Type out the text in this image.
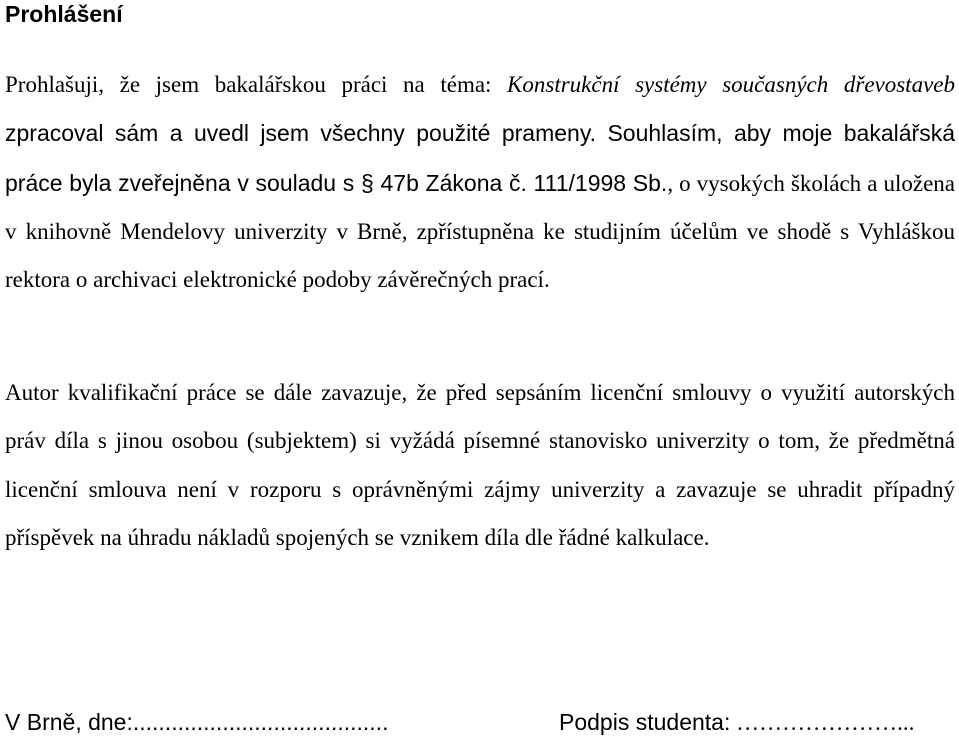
Prohlášení

Prohlašuji, že jsem bakalářskou práci na téma: Konstrukční systémy současných dřevostaveb zpracoval sám a uvedl jsem všechny použité prameny. Souhlasím, aby moje bakalářská práce byla zveřejněna v souladu s § 47b Zákona č. 111/1998 Sb., o vysokých školách a uložena v knihovně Mendelovy univerzity v Brně, zpřístupněna ke studijním účelům ve shodě s Vyhláškou rektora o archivaci elektronické podoby závěrečných prací.

Autor kvalifikační práce se dále zavazuje, že před sepsáním licenční smlouvy o využití autorských práv díla s jinou osobou (subjektem) si vyžádá písemné stanovisko univerzity o tom, že předmětná licenční smlouva není v rozporu s oprávněnými zájmy univerzity a zavazuje se uhradit případný příspěvek na úhradu nákladů spojených se vznikem díla dle řádné kalkulace.

V Brně, dne:........................................	Podpis studenta: …………………...
